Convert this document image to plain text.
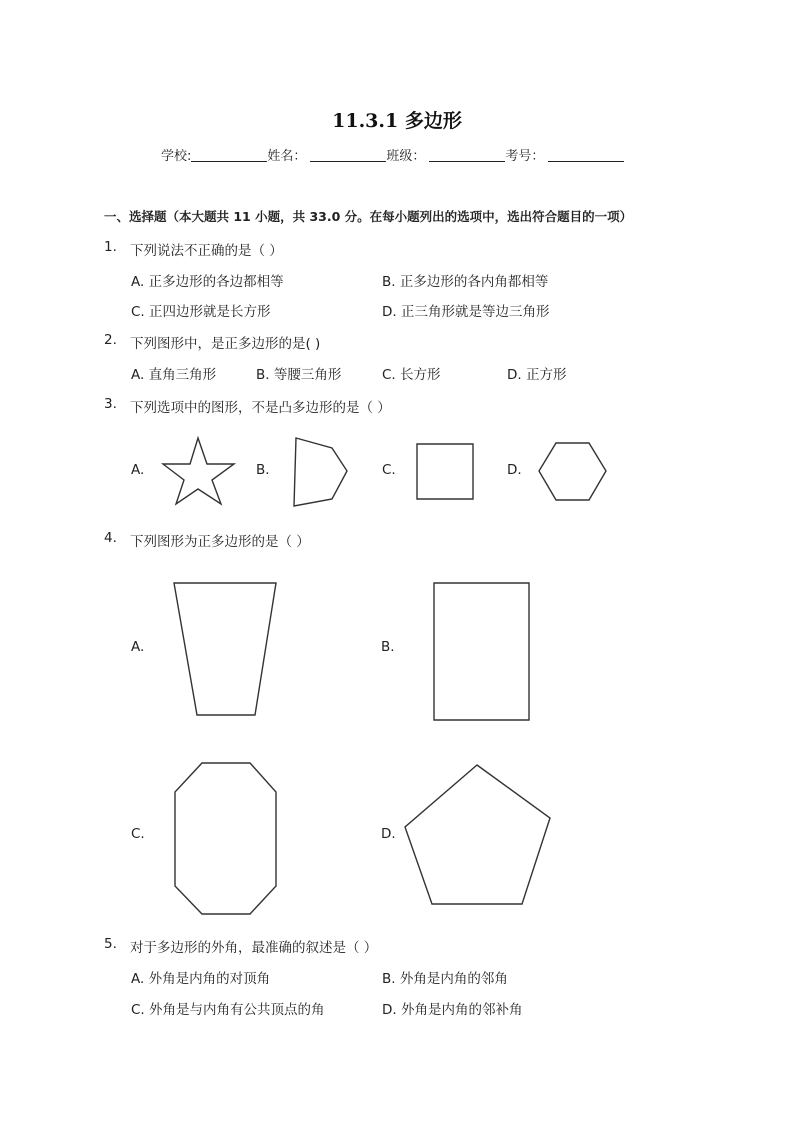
11.3.1 多边形
学校:	姓名：	班级：	考号：
一、选择题（本大题共 11 小题，共 33.0 分。在每小题列出的选项中，选出符合题目的一项）
1. 下列说法不正确的是（ ）
A. 正多边形的各边都相等	B. 正多边形的各内角都相等
C. 正四边形就是长方形	D. 正三角形就是等边三角形
2. 下列图形中，是正多边形的是( )
A. 直角三角形	B. 等腰三角形	C. 长方形	D. 正方形
3. 下列选项中的图形，不是凸多边形的是（ ）
A.	B.	C.	D.
4. 下列图形为正多边形的是（ ）
A.	B.
C.	D.
5. 对于多边形的外角，最准确的叙述是（ ）
A. 外角是内角的对顶角	B. 外角是内角的邻角
C. 外角是与内角有公共顶点的角	D. 外角是内角的邻补角
